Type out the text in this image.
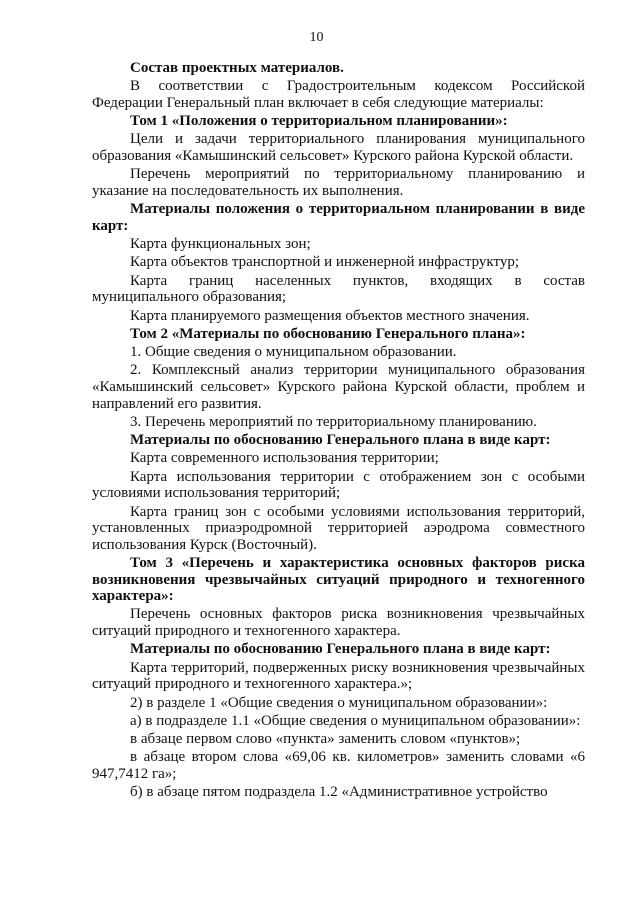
10

Состав проектных материалов.

В соответствии с Градостроительным кодексом Российской Федерации Генеральный план включает в себя следующие материалы:

Том 1 «Положения о территориальном планировании»:

Цели и задачи территориального планирования муниципального образования «Камышинский сельсовет» Курского района Курской области.

Перечень мероприятий по территориальному планированию и указание на последовательность их выполнения.

Материалы положения о территориальном планировании в виде карт:

Карта функциональных зон;

Карта объектов транспортной и инженерной инфраструктур;

Карта границ населенных пунктов, входящих в состав муниципального образования;

Карта планируемого размещения объектов местного значения.

Том 2 «Материалы по обоснованию Генерального плана»:

1. Общие сведения о муниципальном образовании.

2. Комплексный анализ территории муниципального образования «Камышинский сельсовет» Курского района Курской области, проблем и направлений его развития.

3. Перечень мероприятий по территориальному планированию.

Материалы по обоснованию Генерального плана в виде карт:

Карта современного использования территории;

Карта использования территории с отображением зон с особыми условиями использования территорий;

Карта границ зон с особыми условиями использования территорий, установленных приаэродромной территорией аэродрома совместного использования Курск (Восточный).

Том 3 «Перечень и характеристика основных факторов риска возникновения чрезвычайных ситуаций природного и техногенного характера»:

Перечень основных факторов риска возникновения чрезвычайных ситуаций природного и техногенного характера.

Материалы по обоснованию Генерального плана в виде карт:

Карта территорий, подверженных риску возникновения чрезвычайных ситуаций природного и техногенного характера.»;

2) в разделе 1 «Общие сведения о муниципальном образовании»:

а) в подразделе 1.1 «Общие сведения о муниципальном образовании»:

в абзаце первом слово «пункта» заменить словом «пунктов»;

в абзаце втором слова «69,06 кв. километров» заменить словами «6 947,7412 га»;

б) в абзаце пятом подраздела 1.2 «Административное устройство
